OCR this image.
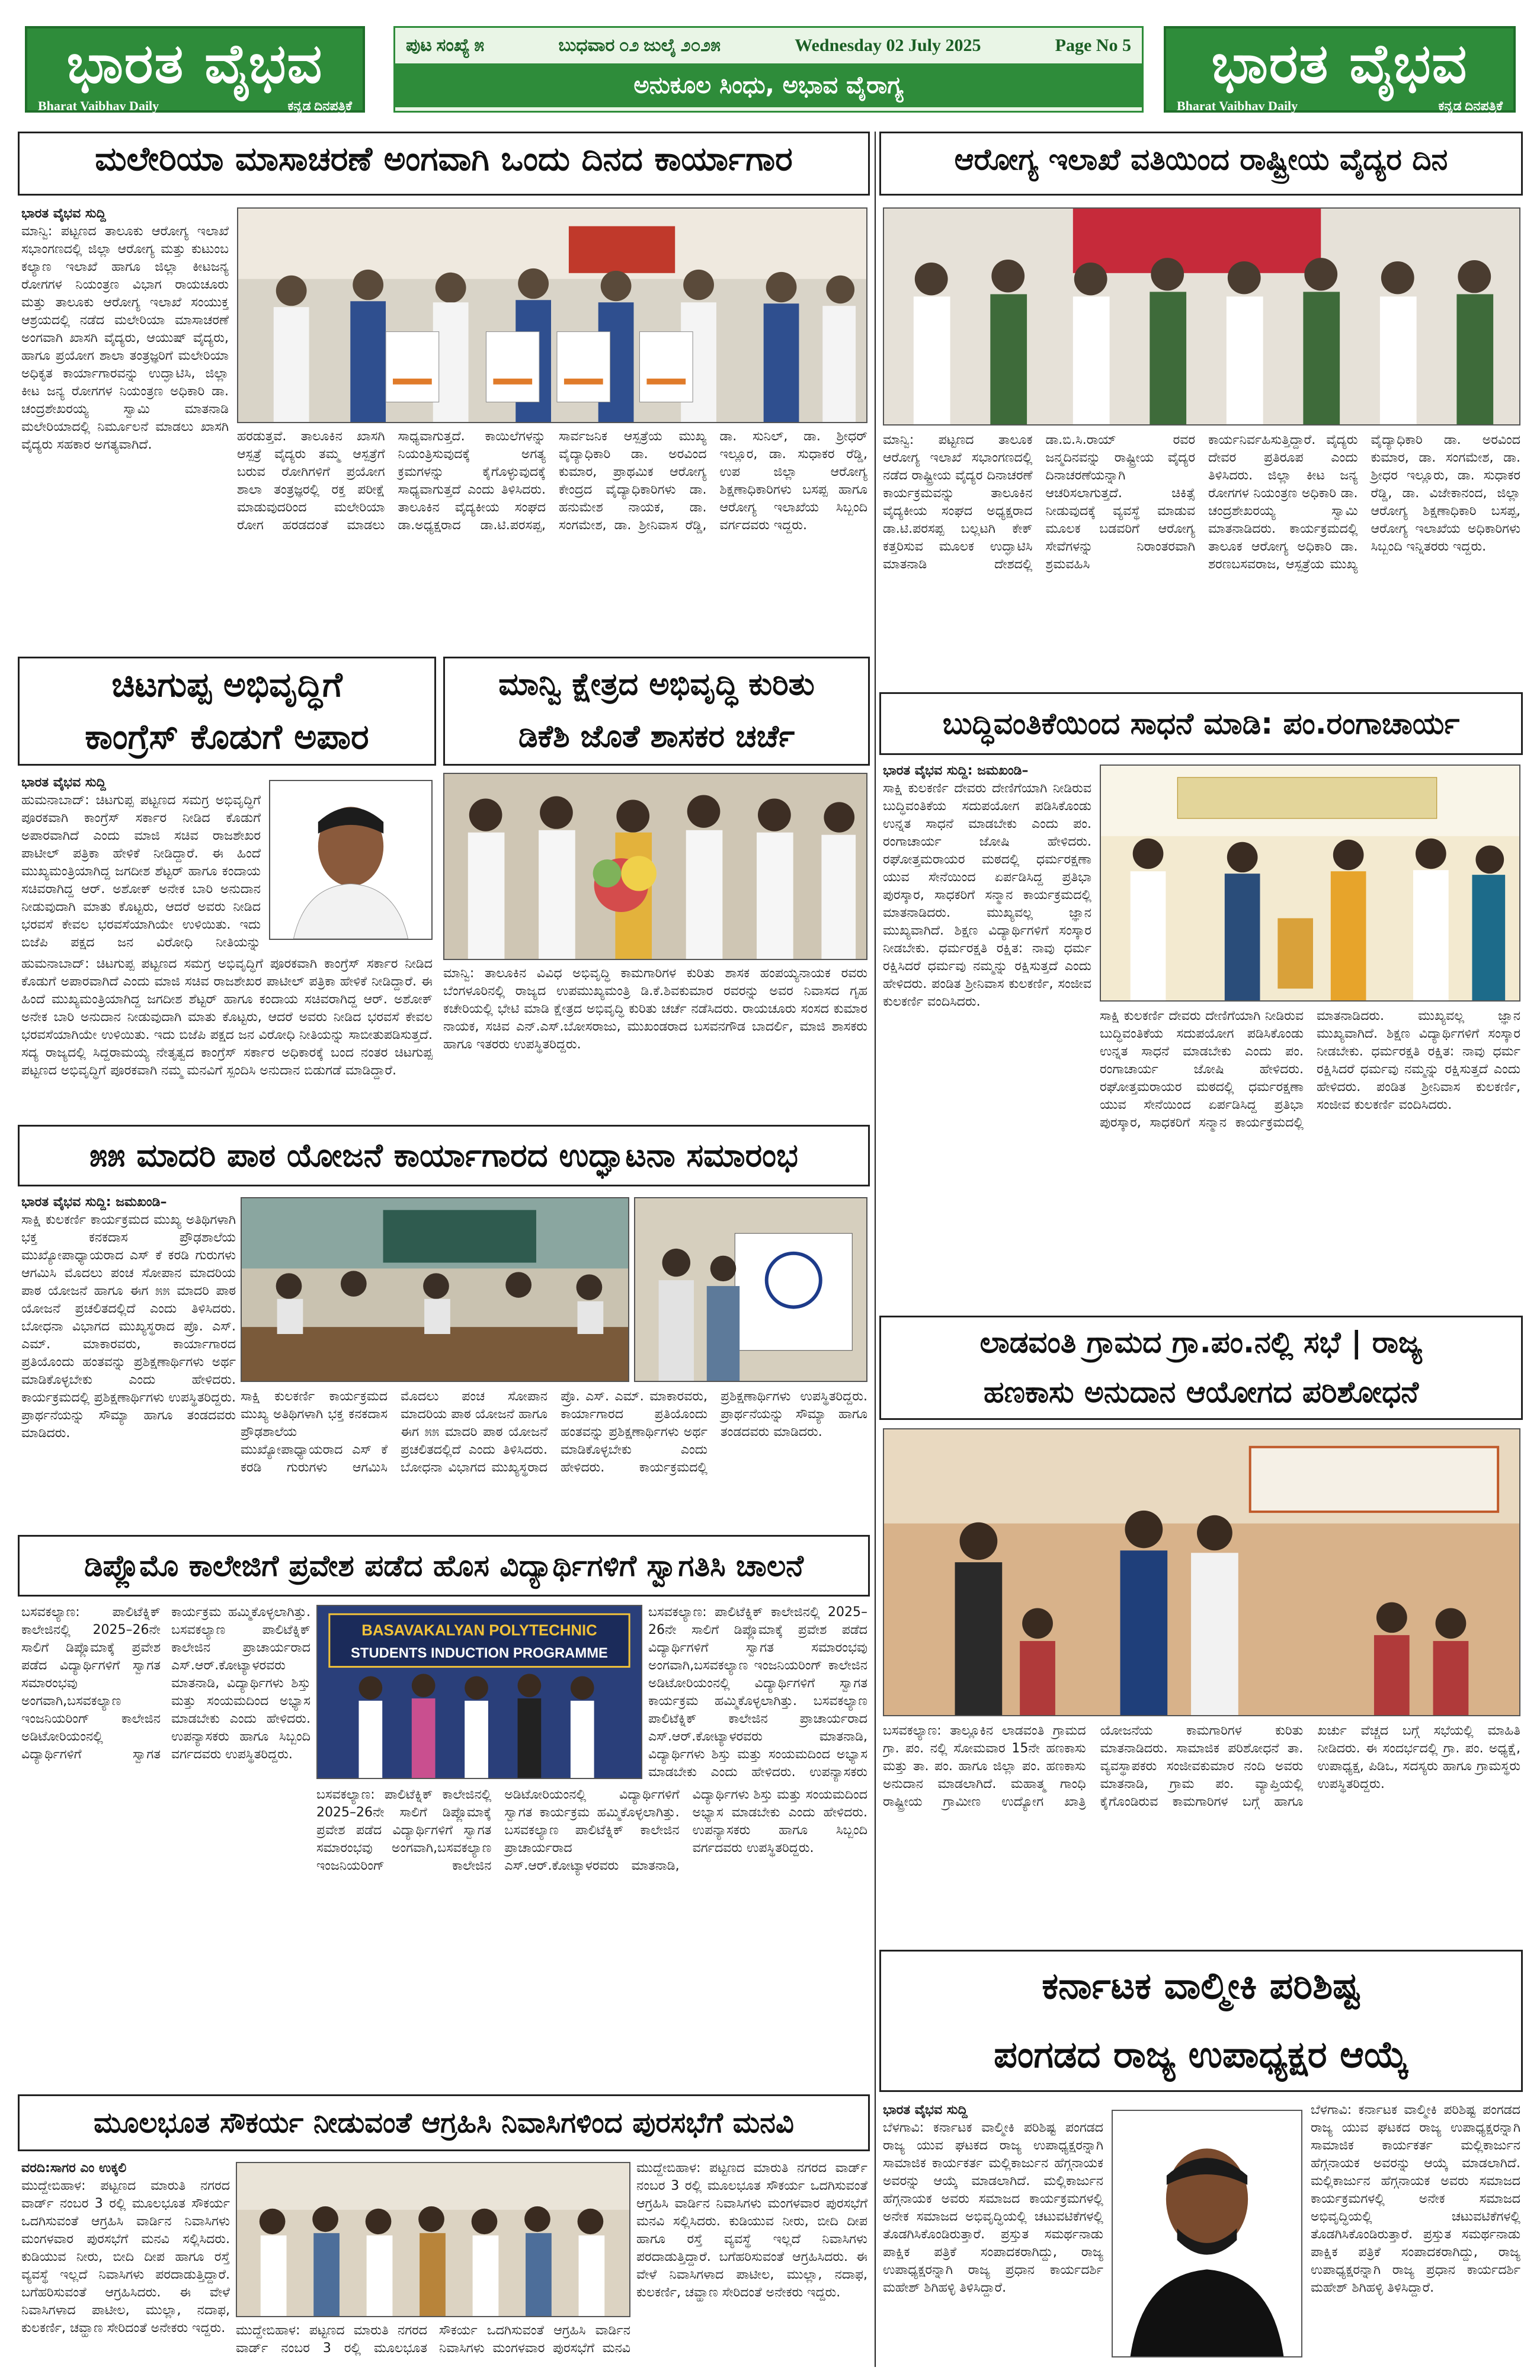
ಭಾರತ ವೈಭವ
Bharat Vaibhav Daily	ಕನ್ನಡ ದಿನಪತ್ರಿಕೆ
ಪುಟ ಸಂಖ್ಯೆ ೫	ಬುಧವಾರ ೦೨ ಜುಲೈ ೨೦೨೫	Wednesday 02 July 2025	Page No 5
ಅನುಕೂಲ ಸಿಂಧು, ಅಭಾವ ವೈರಾಗ್ಯ	ಭಾರತ ವೈಭವ
Bharat Vaibhav Daily	ಕನ್ನಡ ದಿನಪತ್ರಿಕೆ
ಮಲೇರಿಯಾ ಮಾಸಾಚರಣೆ ಅಂಗವಾಗಿ ಒಂದು ದಿನದ ಕಾರ್ಯಾಗಾರ
ಭಾರತ ವೈಭವ ಸುದ್ದಿ
ಮಾನ್ವಿ: ಪಟ್ಟಣದ ತಾಲೂಕು ಆರೋಗ್ಯ ಇಲಾಖೆ ಸಭಾಂಗಣದಲ್ಲಿ ಜಿಲ್ಲಾ ಆರೋಗ್ಯ ಮತ್ತು ಕುಟುಂಬ ಕಲ್ಯಾಣ ಇಲಾಖೆ ಹಾಗೂ ಜಿಲ್ಲಾ ಕೀಟಜನ್ಯ ರೋಗಗಳ ನಿಯಂತ್ರಣ ವಿಭಾಗ ರಾಯಚೂರು ಮತ್ತು ತಾಲೂಕು ಆರೋಗ್ಯ ಇಲಾಖೆ ಸಂಯುಕ್ತ ಆಶ್ರಯದಲ್ಲಿ ನಡೆದ ಮಲೇರಿಯಾ ಮಾಸಾಚರಣೆ ಅಂಗವಾಗಿ ಖಾಸಗಿ ವೈದ್ಯರು, ಆಯುಷ್ ವೈದ್ಯರು, ಹಾಗೂ ಪ್ರಯೋಗ ಶಾಲಾ ತಂತ್ರಜ್ಞರಿಗೆ ಮಲೇರಿಯಾ ಅಧಿಕೃತ ಕಾರ್ಯಾಗಾರವನ್ನು ಉದ್ಘಾಟಿಸಿ, ಜಿಲ್ಲಾ ಕೀಟ ಜನ್ಯ ರೋಗಗಳ ನಿಯಂತ್ರಣ ಅಧಿಕಾರಿ ಡಾ. ಚಂದ್ರಶೇಖರಯ್ಯ ಸ್ವಾಮಿ ಮಾತನಾಡಿ ಮಲೇರಿಯಾದಲ್ಲಿ ನಿರ್ಮೂಲನೆ ಮಾಡಲು ಖಾಸಗಿ ವೈದ್ಯರು ಸಹಕಾರ ಅಗತ್ಯವಾಗಿದೆ.
ಹರಡುತ್ತವೆ. ತಾಲೂಕಿನ ಖಾಸಗಿ ಆಸ್ಪತ್ರೆ ವೈದ್ಯರು ತಮ್ಮ ಆಸ್ಪತ್ರೆಗೆ ಬರುವ ರೋಗಿಗಳಿಗೆ ಪ್ರಯೋಗ ಶಾಲಾ ತಂತ್ರಜ್ಞರಲ್ಲಿ ರಕ್ತ ಪರೀಕ್ಷೆ ಮಾಡುವುದರಿಂದ ಮಲೇರಿಯಾ ರೋಗ ಹರಡದಂತೆ ಮಾಡಲು ಸಾಧ್ಯವಾಗುತ್ತದೆ. ಕಾಯಿಲೆಗಳನ್ನು ನಿಯಂತ್ರಿಸುವುದಕ್ಕೆ ಅಗತ್ಯ ಕ್ರಮಗಳನ್ನು ಕೈಗೊಳ್ಳುವುದಕ್ಕೆ ಸಾಧ್ಯವಾಗುತ್ತದೆ ಎಂದು ತಿಳಿಸಿದರು. ತಾಲೂಕಿನ ವೈದ್ಯಕೀಯ ಸಂಘದ ಡಾ.ಅಧ್ಯಕ್ಷರಾದ ಡಾ.ಟಿ.ಪರಸಪ್ಪ, ಸಾರ್ವಜನಿಕ ಆಸ್ಪತ್ರೆಯ ಮುಖ್ಯ ವೈದ್ಯಾಧಿಕಾರಿ ಡಾ. ಅರವಿಂದ ಕುಮಾರ, ಪ್ರಾಥಮಿಕ ಆರೋಗ್ಯ ಕೇಂದ್ರದ ವೈದ್ಯಾಧಿಕಾರಿಗಳು ಡಾ. ಹನುಮೇಶ ನಾಯಕ, ಡಾ. ಸಂಗಮೇಶ, ಡಾ. ಶ್ರೀನಿವಾಸ ರೆಡ್ಡಿ, ಡಾ. ಸುನಿಲ್, ಡಾ. ಶ್ರೀಧರ್ ಇಲ್ಲೂರ, ಡಾ. ಸುಧಾಕರ ರೆಡ್ಡಿ, ಉಪ ಜಿಲ್ಲಾ ಆರೋಗ್ಯ ಶಿಕ್ಷಣಾಧಿಕಾರಿಗಳು ಬಸಪ್ಪ ಹಾಗೂ ಆರೋಗ್ಯ ಇಲಾಖೆಯ ಸಿಬ್ಬಂದಿ ವರ್ಗದವರು ಇದ್ದರು.
ಆರೋಗ್ಯ ಇಲಾಖೆ ವತಿಯಿಂದ ರಾಷ್ಟ್ರೀಯ ವೈದ್ಯರ ದಿನ
ಮಾನ್ವಿ: ಪಟ್ಟಣದ ತಾಲೂಕ ಆರೋಗ್ಯ ಇಲಾಖೆ ಸಭಾಂಗಣದಲ್ಲಿ ನಡೆದ ರಾಷ್ಟ್ರೀಯ ವೈದ್ಯರ ದಿನಾಚರಣೆ ಕಾರ್ಯಕ್ರಮವನ್ನು ತಾಲೂಕಿನ ವೈದ್ಯಕೀಯ ಸಂಘದ ಅಧ್ಯಕ್ಷರಾದ ಡಾ.ಟಿ.ಪರಸಪ್ಪ ಬಲ್ಲಟಗಿ ಕೇಕ್ ಕತ್ತರಿಸುವ ಮೂಲಕ ಉದ್ಘಾಟಿಸಿ ಮಾತನಾಡಿ ದೇಶದಲ್ಲಿ ಡಾ.ಬಿ.ಸಿ.ರಾಯ್ ರವರ ಜನ್ಮದಿನವನ್ನು ರಾಷ್ಟ್ರೀಯ ವೈದ್ಯರ ದಿನಾಚರಣೆಯನ್ನಾಗಿ ಆಚರಿಸಲಾಗುತ್ತದೆ. ಚಿಕಿತ್ಸೆ ನೀಡುವುದಕ್ಕೆ ವ್ಯವಸ್ಥೆ ಮಾಡುವ ಮೂಲಕ ಬಡವರಿಗೆ ಆರೋಗ್ಯ ಸೇವೆಗಳನ್ನು ನಿರಾಂತರವಾಗಿ ಶ್ರಮವಹಿಸಿ ಕಾರ್ಯನಿರ್ವಹಿಸುತ್ತಿದ್ದಾರೆ. ವೈದ್ಯರು ದೇವರ ಪ್ರತಿರೂಪ ಎಂದು ತಿಳಿಸಿದರು. ಜಿಲ್ಲಾ ಕೀಟ ಜನ್ಯ ರೋಗಗಳ ನಿಯಂತ್ರಣ ಅಧಿಕಾರಿ ಡಾ. ಚಂದ್ರಶೇಖರಯ್ಯ ಸ್ವಾಮಿ ಮಾತನಾಡಿದರು. ಕಾರ್ಯಕ್ರಮದಲ್ಲಿ ತಾಲೂಕ ಆರೋಗ್ಯ ಅಧಿಕಾರಿ ಡಾ. ಶರಣಬಸವರಾಜ, ಆಸ್ಪತ್ರೆಯ ಮುಖ್ಯ ವೈದ್ಯಾಧಿಕಾರಿ ಡಾ. ಅರವಿಂದ ಕುಮಾರ, ಡಾ. ಸಂಗಮೇಶ, ಡಾ. ಶ್ರೀಧರ ಇಲ್ಲೂರು, ಡಾ. ಸುಧಾಕರ ರೆಡ್ಡಿ, ಡಾ. ವಿಜೇಕಾನಂದ, ಜಿಲ್ಲಾ ಆರೋಗ್ಯ ಶಿಕ್ಷಣಾಧಿಕಾರಿ ಬಸಪ್ಪ, ಆರೋಗ್ಯ ಇಲಾಖೆಯ ಅಧಿಕಾರಿಗಳು ಸಿಬ್ಬಂದಿ ಇನ್ನಿತರರು ಇದ್ದರು.
ಚಿಟಗುಪ್ಪ ಅಭಿವೃದ್ಧಿಗೆ
ಕಾಂಗ್ರೆಸ್ ಕೊಡುಗೆ ಅಪಾರ
ಭಾರತ ವೈಭವ ಸುದ್ದಿ
ಹುಮನಾಬಾದ್: ಚಿಟಗುಪ್ಪ ಪಟ್ಟಣದ ಸಮಗ್ರ ಅಭಿವೃದ್ಧಿಗೆ ಪೂರಕವಾಗಿ ಕಾಂಗ್ರೆಸ್ ಸರ್ಕಾರ ನೀಡಿದ ಕೊಡುಗೆ ಅಪಾರವಾಗಿದೆ ಎಂದು ಮಾಜಿ ಸಚಿವ ರಾಜಶೇಖರ ಪಾಟೀಲ್ ಪತ್ರಿಕಾ ಹೇಳಿಕೆ ನೀಡಿದ್ದಾರೆ. ಈ ಹಿಂದೆ ಮುಖ್ಯಮಂತ್ರಿಯಾಗಿದ್ದ ಜಗದೀಶ ಶೆಟ್ಟರ್ ಹಾಗೂ ಕಂದಾಯ ಸಚಿವರಾಗಿದ್ದ ಆರ್. ಅಶೋಕ್ ಅನೇಕ ಬಾರಿ ಅನುದಾನ ನೀಡುವುದಾಗಿ ಮಾತು ಕೊಟ್ಟರು, ಆದರೆ ಅವರು ನೀಡಿದ ಭರವಸೆ ಕೇವಲ ಭರವಸೆಯಾಗಿಯೇ ಉಳಿಯಿತು. ಇದು ಬಿಜೆಪಿ ಪಕ್ಷದ ಜನ ವಿರೋಧಿ ನೀತಿಯನ್ನು
ಹುಮನಾಬಾದ್: ಚಿಟಗುಪ್ಪ ಪಟ್ಟಣದ ಸಮಗ್ರ ಅಭಿವೃದ್ಧಿಗೆ ಪೂರಕವಾಗಿ ಕಾಂಗ್ರೆಸ್ ಸರ್ಕಾರ ನೀಡಿದ ಕೊಡುಗೆ ಅಪಾರವಾಗಿದೆ ಎಂದು ಮಾಜಿ ಸಚಿವ ರಾಜಶೇಖರ ಪಾಟೀಲ್ ಪತ್ರಿಕಾ ಹೇಳಿಕೆ ನೀಡಿದ್ದಾರೆ. ಈ ಹಿಂದೆ ಮುಖ್ಯಮಂತ್ರಿಯಾಗಿದ್ದ ಜಗದೀಶ ಶೆಟ್ಟರ್ ಹಾಗೂ ಕಂದಾಯ ಸಚಿವರಾಗಿದ್ದ ಆರ್. ಅಶೋಕ್ ಅನೇಕ ಬಾರಿ ಅನುದಾನ ನೀಡುವುದಾಗಿ ಮಾತು ಕೊಟ್ಟರು, ಆದರೆ ಅವರು ನೀಡಿದ ಭರವಸೆ ಕೇವಲ ಭರವಸೆಯಾಗಿಯೇ ಉಳಿಯಿತು. ಇದು ಬಿಜೆಪಿ ಪಕ್ಷದ ಜನ ವಿರೋಧಿ ನೀತಿಯನ್ನು ಸಾಬೀತುಪಡಿಸುತ್ತದೆ. ಸದ್ಯ ರಾಜ್ಯದಲ್ಲಿ ಸಿದ್ದರಾಮಯ್ಯ ನೇತೃತ್ವದ ಕಾಂಗ್ರೆಸ್ ಸರ್ಕಾರ ಅಧಿಕಾರಕ್ಕೆ ಬಂದ ನಂತರ ಚಿಟಗುಪ್ಪ ಪಟ್ಟಣದ ಅಭಿವೃದ್ಧಿಗೆ ಪೂರಕವಾಗಿ ನಮ್ಮ ಮನವಿಗೆ ಸ್ಪಂದಿಸಿ ಅನುದಾನ ಬಿಡುಗಡೆ ಮಾಡಿದ್ದಾರೆ.
ಮಾನ್ವಿ ಕ್ಷೇತ್ರದ ಅಭಿವೃದ್ಧಿ ಕುರಿತು
ಡಿಕೆಶಿ ಜೊತೆ ಶಾಸಕರ ಚರ್ಚೆ
ಮಾನ್ವಿ: ತಾಲೂಕಿನ ವಿವಿಧ ಅಭಿವೃದ್ಧಿ ಕಾಮಗಾರಿಗಳ ಕುರಿತು ಶಾಸಕ ಹಂಪಯ್ಯನಾಯಕ ರವರು ಬೆಂಗಳೂರಿನಲ್ಲಿ ರಾಜ್ಯದ ಉಪಮುಖ್ಯಮಂತ್ರಿ ಡಿ.ಕೆ.ಶಿವಕುಮಾರ ರವರನ್ನು ಅವರ ನಿವಾಸದ ಗೃಹ ಕಚೇರಿಯಲ್ಲಿ ಭೇಟಿ ಮಾಡಿ ಕ್ಷೇತ್ರದ ಅಭಿವೃದ್ಧಿ ಕುರಿತು ಚರ್ಚೆ ನಡೆಸಿದರು. ರಾಯಚೂರು ಸಂಸದ ಕುಮಾರ ನಾಯಕ, ಸಚಿವ ಎನ್.ಎಸ್.ಬೋಸರಾಜು, ಮುಖಂಡರಾದ ಬಸವನಗೌಡ ಬಾದರ್ಲಿ, ಮಾಜಿ ಶಾಸಕರು ಹಾಗೂ ಇತರರು ಉಪಸ್ಥಿತರಿದ್ದರು.
ಬುದ್ಧಿವಂತಿಕೆಯಿಂದ ಸಾಧನೆ ಮಾಡಿ: ಪಂ.ರಂಗಾಚಾರ್ಯ
ಭಾರತ ವೈಭವ ಸುದ್ದಿ: ಜಮಖಂಡಿ–
ಸಾಕ್ಷಿ ಕುಲಕರ್ಣಿ ದೇವರು ದೇಣಿಗೆಯಾಗಿ ನೀಡಿರುವ ಬುದ್ಧಿವಂತಿಕೆಯ ಸದುಪಯೋಗ ಪಡಿಸಿಕೊಂಡು ಉನ್ನತ ಸಾಧನೆ ಮಾಡಬೇಕು ಎಂದು ಪಂ. ರಂಗಾಚಾರ್ಯ ಜೋಷಿ ಹೇಳಿದರು. ರಘೋತ್ತಮರಾಯರ ಮಠದಲ್ಲಿ ಧರ್ಮರಕ್ಷಣಾ ಯುವ ಸೇನೆಯಿಂದ ಏರ್ಪಡಿಸಿದ್ದ ಪ್ರತಿಭಾ ಪುರಸ್ಕಾರ, ಸಾಧಕರಿಗೆ ಸನ್ಮಾನ ಕಾರ್ಯಕ್ರಮದಲ್ಲಿ ಮಾತನಾಡಿದರು. ಮುಖ್ಯವಲ್ಲ ಜ್ಞಾನ ಮುಖ್ಯವಾಗಿದೆ. ಶಿಕ್ಷಣ ವಿದ್ಯಾರ್ಥಿಗಳಿಗೆ ಸಂಸ್ಕಾರ ನೀಡಬೇಕು. ಧರ್ಮರಕ್ಷತಿ ರಕ್ಷಿತ: ನಾವು ಧರ್ಮ ರಕ್ಷಿಸಿದರೆ ಧರ್ಮವು ನಮ್ಮನ್ನು ರಕ್ಷಿಸುತ್ತದೆ ಎಂದು ಹೇಳಿದರು. ಪಂಡಿತ ಶ್ರೀನಿವಾಸ ಕುಲಕರ್ಣಿ, ಸಂಜೀವ ಕುಲಕರ್ಣಿ ವಂದಿಸಿದರು.
ಸಾಕ್ಷಿ ಕುಲಕರ್ಣಿ ದೇವರು ದೇಣಿಗೆಯಾಗಿ ನೀಡಿರುವ ಬುದ್ಧಿವಂತಿಕೆಯ ಸದುಪಯೋಗ ಪಡಿಸಿಕೊಂಡು ಉನ್ನತ ಸಾಧನೆ ಮಾಡಬೇಕು ಎಂದು ಪಂ. ರಂಗಾಚಾರ್ಯ ಜೋಷಿ ಹೇಳಿದರು. ರಘೋತ್ತಮರಾಯರ ಮಠದಲ್ಲಿ ಧರ್ಮರಕ್ಷಣಾ ಯುವ ಸೇನೆಯಿಂದ ಏರ್ಪಡಿಸಿದ್ದ ಪ್ರತಿಭಾ ಪುರಸ್ಕಾರ, ಸಾಧಕರಿಗೆ ಸನ್ಮಾನ ಕಾರ್ಯಕ್ರಮದಲ್ಲಿ ಮಾತನಾಡಿದರು. ಮುಖ್ಯವಲ್ಲ ಜ್ಞಾನ ಮುಖ್ಯವಾಗಿದೆ. ಶಿಕ್ಷಣ ವಿದ್ಯಾರ್ಥಿಗಳಿಗೆ ಸಂಸ್ಕಾರ ನೀಡಬೇಕು. ಧರ್ಮರಕ್ಷತಿ ರಕ್ಷಿತ: ನಾವು ಧರ್ಮ ರಕ್ಷಿಸಿದರೆ ಧರ್ಮವು ನಮ್ಮನ್ನು ರಕ್ಷಿಸುತ್ತದೆ ಎಂದು ಹೇಳಿದರು. ಪಂಡಿತ ಶ್ರೀನಿವಾಸ ಕುಲಕರ್ಣಿ, ಸಂಜೀವ ಕುಲಕರ್ಣಿ ವಂದಿಸಿದರು.
೫೫ ಮಾದರಿ ಪಾಠ ಯೋಜನೆ ಕಾರ್ಯಾಗಾರದ ಉದ್ಘಾಟನಾ ಸಮಾರಂಭ
ಭಾರತ ವೈಭವ ಸುದ್ದಿ: ಜಮಖಂಡಿ–
ಸಾಕ್ಷಿ ಕುಲಕರ್ಣಿ ಕಾರ್ಯಕ್ರಮದ ಮುಖ್ಯ ಅತಿಥಿಗಳಾಗಿ ಭಕ್ತ ಕನಕದಾಸ ಪ್ರೌಢಶಾಲೆಯ ಮುಖ್ಯೋಪಾಧ್ಯಾಯರಾದ ಎಸ್ ಕೆ ಕರಡಿ ಗುರುಗಳು ಆಗಮಿಸಿ ಮೊದಲು ಪಂಚ ಸೋಪಾನ ಮಾದರಿಯ ಪಾಠ ಯೋಜನೆ ಹಾಗೂ ಈಗ ೫೫ ಮಾದರಿ ಪಾಠ ಯೋಜನೆ ಪ್ರಚಲಿತದಲ್ಲಿದೆ ಎಂದು ತಿಳಿಸಿದರು. ಬೋಧನಾ ವಿಭಾಗದ ಮುಖ್ಯಸ್ಥರಾದ ಪ್ರೊ. ಎಸ್. ಎಮ್. ಮಾಕಾರವರು, ಕಾರ್ಯಾಗಾರದ ಪ್ರತಿಯೊಂದು ಹಂತವನ್ನು ಪ್ರಶಿಕ್ಷಣಾರ್ಥಿಗಳು ಅರ್ಥ ಮಾಡಿಕೊಳ್ಳಬೇಕು ಎಂದು ಹೇಳಿದರು. ಕಾರ್ಯಕ್ರಮದಲ್ಲಿ ಪ್ರಶಿಕ್ಷಣಾರ್ಥಿಗಳು ಉಪಸ್ಥಿತರಿದ್ದರು. ಪ್ರಾರ್ಥನೆಯನ್ನು ಸೌಮ್ಯಾ ಹಾಗೂ ತಂಡದವರು ಮಾಡಿದರು.
ಸಾಕ್ಷಿ ಕುಲಕರ್ಣಿ ಕಾರ್ಯಕ್ರಮದ ಮುಖ್ಯ ಅತಿಥಿಗಳಾಗಿ ಭಕ್ತ ಕನಕದಾಸ ಪ್ರೌಢಶಾಲೆಯ ಮುಖ್ಯೋಪಾಧ್ಯಾಯರಾದ ಎಸ್ ಕೆ ಕರಡಿ ಗುರುಗಳು ಆಗಮಿಸಿ ಮೊದಲು ಪಂಚ ಸೋಪಾನ ಮಾದರಿಯ ಪಾಠ ಯೋಜನೆ ಹಾಗೂ ಈಗ ೫೫ ಮಾದರಿ ಪಾಠ ಯೋಜನೆ ಪ್ರಚಲಿತದಲ್ಲಿದೆ ಎಂದು ತಿಳಿಸಿದರು. ಬೋಧನಾ ವಿಭಾಗದ ಮುಖ್ಯಸ್ಥರಾದ ಪ್ರೊ. ಎಸ್. ಎಮ್. ಮಾಕಾರವರು, ಕಾರ್ಯಾಗಾರದ ಪ್ರತಿಯೊಂದು ಹಂತವನ್ನು ಪ್ರಶಿಕ್ಷಣಾರ್ಥಿಗಳು ಅರ್ಥ ಮಾಡಿಕೊಳ್ಳಬೇಕು ಎಂದು ಹೇಳಿದರು. ಕಾರ್ಯಕ್ರಮದಲ್ಲಿ ಪ್ರಶಿಕ್ಷಣಾರ್ಥಿಗಳು ಉಪಸ್ಥಿತರಿದ್ದರು. ಪ್ರಾರ್ಥನೆಯನ್ನು ಸೌಮ್ಯಾ ಹಾಗೂ ತಂಡದವರು ಮಾಡಿದರು.
ಲಾಡವಂತಿ ಗ್ರಾಮದ ಗ್ರಾ.ಪಂ.ನಲ್ಲಿ ಸಭೆ | ರಾಜ್ಯ
ಹಣಕಾಸು ಅನುದಾನ ಆಯೋಗದ ಪರಿಶೋಧನೆ
ಬಸವಕಲ್ಯಾಣ: ತಾಲ್ಲೂಕಿನ ಲಾಡವಂತಿ ಗ್ರಾಮದ ಗ್ರಾ. ಪಂ. ನಲ್ಲಿ ಸೋಮವಾರ 15ನೇ ಹಣಕಾಸು ಮತ್ತು ತಾ. ಪಂ. ಹಾಗೂ ಜಿಲ್ಲಾ ಪಂ. ಹಣಕಾಸು ಅನುದಾನ ಮಾಡಲಾಗಿದೆ. ಮಹಾತ್ಮ ಗಾಂಧಿ ರಾಷ್ಟ್ರೀಯ ಗ್ರಾಮೀಣ ಉದ್ಯೋಗ ಖಾತ್ರಿ ಯೋಜನೆಯ ಕಾಮಗಾರಿಗಳ ಕುರಿತು ಮಾತನಾಡಿದರು. ಸಾಮಾಜಿಕ ಪರಿಶೋಧನೆ ತಾ. ವ್ಯವಸ್ಥಾಪಕರು ಸಂಜೀವಕುಮಾರ ನಂದಿ ಅವರು ಮಾತನಾಡಿ, ಗ್ರಾಮ ಪಂ. ವ್ಯಾಪ್ತಿಯಲ್ಲಿ ಕೈಗೊಂಡಿರುವ ಕಾಮಗಾರಿಗಳ ಬಗ್ಗೆ ಹಾಗೂ ಖರ್ಚು ವೆಚ್ಚದ ಬಗ್ಗೆ ಸಭೆಯಲ್ಲಿ ಮಾಹಿತಿ ನೀಡಿದರು. ಈ ಸಂದರ್ಭದಲ್ಲಿ ಗ್ರಾ. ಪಂ. ಅಧ್ಯಕ್ಷೆ, ಉಪಾಧ್ಯಕ್ಷ, ಪಿಡಿಒ, ಸದಸ್ಯರು ಹಾಗೂ ಗ್ರಾಮಸ್ಥರು ಉಪಸ್ಥಿತರಿದ್ದರು.
ಡಿಪ್ಲೊಮೊ ಕಾಲೇಜಿಗೆ ಪ್ರವೇಶ ಪಡೆದ ಹೊಸ ವಿದ್ಯಾರ್ಥಿಗಳಿಗೆ ಸ್ವಾಗತಿಸಿ ಚಾಲನೆ
BASAVAKALYAN POLYTECHNIC
STUDENTS INDUCTION PROGRAMME
ಬಸವಕಲ್ಯಾಣ: ಪಾಲಿಟೆಕ್ನಿಕ್ ಕಾಲೇಜಿನಲ್ಲಿ 2025–26ನೇ ಸಾಲಿಗೆ ಡಿಪ್ಲೊಮಾಕ್ಕೆ ಪ್ರವೇಶ ಪಡೆದ ವಿದ್ಯಾರ್ಥಿಗಳಿಗೆ ಸ್ವಾಗತ ಸಮಾರಂಭವು ಅಂಗವಾಗಿ,ಬಸವಕಲ್ಯಾಣ ಇಂಜನಿಯರಿಂಗ್ ಕಾಲೇಜಿನ ಅಡಿಟೋರಿಯಂನಲ್ಲಿ ವಿದ್ಯಾರ್ಥಿಗಳಿಗೆ ಸ್ವಾಗತ ಕಾರ್ಯಕ್ರಮ ಹಮ್ಮಿಕೊಳ್ಳಲಾಗಿತ್ತು. ಬಸವಕಲ್ಯಾಣ ಪಾಲಿಟೆಕ್ನಿಕ್ ಕಾಲೇಜಿನ ಪ್ರಾಚಾರ್ಯರಾದ ಎಸ್.ಆರ್.ಕೋಟ್ಯಾಳರವರು ಮಾತನಾಡಿ, ವಿದ್ಯಾರ್ಥಿಗಳು ಶಿಸ್ತು ಮತ್ತು ಸಂಯಮದಿಂದ ಅಭ್ಯಾಸ ಮಾಡಬೇಕು ಎಂದು ಹೇಳಿದರು. ಉಪನ್ಯಾಸಕರು ಹಾಗೂ ಸಿಬ್ಬಂದಿ ವರ್ಗದವರು ಉಪಸ್ಥಿತರಿದ್ದರು.
ಬಸವಕಲ್ಯಾಣ: ಪಾಲಿಟೆಕ್ನಿಕ್ ಕಾಲೇಜಿನಲ್ಲಿ 2025–26ನೇ ಸಾಲಿಗೆ ಡಿಪ್ಲೊಮಾಕ್ಕೆ ಪ್ರವೇಶ ಪಡೆದ ವಿದ್ಯಾರ್ಥಿಗಳಿಗೆ ಸ್ವಾಗತ ಸಮಾರಂಭವು ಅಂಗವಾಗಿ,ಬಸವಕಲ್ಯಾಣ ಇಂಜನಿಯರಿಂಗ್ ಕಾಲೇಜಿನ ಅಡಿಟೋರಿಯಂನಲ್ಲಿ ವಿದ್ಯಾರ್ಥಿಗಳಿಗೆ ಸ್ವಾಗತ ಕಾರ್ಯಕ್ರಮ ಹಮ್ಮಿಕೊಳ್ಳಲಾಗಿತ್ತು. ಬಸವಕಲ್ಯಾಣ ಪಾಲಿಟೆಕ್ನಿಕ್ ಕಾಲೇಜಿನ ಪ್ರಾಚಾರ್ಯರಾದ ಎಸ್.ಆರ್.ಕೋಟ್ಯಾಳರವರು ಮಾತನಾಡಿ, ವಿದ್ಯಾರ್ಥಿಗಳು ಶಿಸ್ತು ಮತ್ತು ಸಂಯಮದಿಂದ ಅಭ್ಯಾಸ ಮಾಡಬೇಕು ಎಂದು ಹೇಳಿದರು. ಉಪನ್ಯಾಸಕರು
ಬಸವಕಲ್ಯಾಣ: ಪಾಲಿಟೆಕ್ನಿಕ್ ಕಾಲೇಜಿನಲ್ಲಿ 2025–26ನೇ ಸಾಲಿಗೆ ಡಿಪ್ಲೊಮಾಕ್ಕೆ ಪ್ರವೇಶ ಪಡೆದ ವಿದ್ಯಾರ್ಥಿಗಳಿಗೆ ಸ್ವಾಗತ ಸಮಾರಂಭವು ಅಂಗವಾಗಿ,ಬಸವಕಲ್ಯಾಣ ಇಂಜನಿಯರಿಂಗ್ ಕಾಲೇಜಿನ ಅಡಿಟೋರಿಯಂನಲ್ಲಿ ವಿದ್ಯಾರ್ಥಿಗಳಿಗೆ ಸ್ವಾಗತ ಕಾರ್ಯಕ್ರಮ ಹಮ್ಮಿಕೊಳ್ಳಲಾಗಿತ್ತು. ಬಸವಕಲ್ಯಾಣ ಪಾಲಿಟೆಕ್ನಿಕ್ ಕಾಲೇಜಿನ ಪ್ರಾಚಾರ್ಯರಾದ ಎಸ್.ಆರ್.ಕೋಟ್ಯಾಳರವರು ಮಾತನಾಡಿ, ವಿದ್ಯಾರ್ಥಿಗಳು ಶಿಸ್ತು ಮತ್ತು ಸಂಯಮದಿಂದ ಅಭ್ಯಾಸ ಮಾಡಬೇಕು ಎಂದು ಹೇಳಿದರು. ಉಪನ್ಯಾಸಕರು ಹಾಗೂ ಸಿಬ್ಬಂದಿ ವರ್ಗದವರು ಉಪಸ್ಥಿತರಿದ್ದರು.
ಕರ್ನಾಟಕ ವಾಲ್ಮೀಕಿ ಪರಿಶಿಷ್ಟ
ಪಂಗಡದ ರಾಜ್ಯ ಉಪಾಧ್ಯಕ್ಷರ ಆಯ್ಕೆ
ಭಾರತ ವೈಭವ ಸುದ್ದಿ
ಬೆಳಗಾವಿ: ಕರ್ನಾಟಕ ವಾಲ್ಮೀಕಿ ಪರಿಶಿಷ್ಟ ಪಂಗಡದ ರಾಜ್ಯ ಯುವ ಘಟಕದ ರಾಜ್ಯ ಉಪಾಧ್ಯಕ್ಷರನ್ನಾಗಿ ಸಾಮಾಜಿಕ ಕಾರ್ಯಕರ್ತ ಮಲ್ಲಿಕಾರ್ಜುನ ಹೆಗ್ಗನಾಯಕ ಅವರನ್ನು ಆಯ್ಕೆ ಮಾಡಲಾಗಿದೆ. ಮಲ್ಲಿಕಾರ್ಜುನ ಹೆಗ್ಗನಾಯಕ ಅವರು ಸಮಾಜದ ಕಾರ್ಯಕ್ರಮಗಳಲ್ಲಿ ಅನೇಕ ಸಮಾಜದ ಅಭಿವೃದ್ಧಿಯಲ್ಲಿ ಚಟುವಟಿಕೆಗಳಲ್ಲಿ ತೊಡಗಿಸಿಕೊಂಡಿರುತ್ತಾರೆ. ಪ್ರಸ್ತುತ ಸಮರ್ಥನಾಡು ಪಾಕ್ಷಿಕ ಪತ್ರಿಕೆ ಸಂಪಾದಕರಾಗಿದ್ದು, ರಾಜ್ಯ ಉಪಾಧ್ಯಕ್ಷರನ್ನಾಗಿ ರಾಜ್ಯ ಪ್ರಧಾನ ಕಾರ್ಯದರ್ಶಿ ಮಹೇಶ್ ಶಿಗಿಹಳ್ಳಿ ತಿಳಿಸಿದ್ದಾರೆ.
ಬೆಳಗಾವಿ: ಕರ್ನಾಟಕ ವಾಲ್ಮೀಕಿ ಪರಿಶಿಷ್ಟ ಪಂಗಡದ ರಾಜ್ಯ ಯುವ ಘಟಕದ ರಾಜ್ಯ ಉಪಾಧ್ಯಕ್ಷರನ್ನಾಗಿ ಸಾಮಾಜಿಕ ಕಾರ್ಯಕರ್ತ ಮಲ್ಲಿಕಾರ್ಜುನ ಹೆಗ್ಗನಾಯಕ ಅವರನ್ನು ಆಯ್ಕೆ ಮಾಡಲಾಗಿದೆ. ಮಲ್ಲಿಕಾರ್ಜುನ ಹೆಗ್ಗನಾಯಕ ಅವರು ಸಮಾಜದ ಕಾರ್ಯಕ್ರಮಗಳಲ್ಲಿ ಅನೇಕ ಸಮಾಜದ ಅಭಿವೃದ್ಧಿಯಲ್ಲಿ ಚಟುವಟಿಕೆಗಳಲ್ಲಿ ತೊಡಗಿಸಿಕೊಂಡಿರುತ್ತಾರೆ. ಪ್ರಸ್ತುತ ಸಮರ್ಥನಾಡು ಪಾಕ್ಷಿಕ ಪತ್ರಿಕೆ ಸಂಪಾದಕರಾಗಿದ್ದು, ರಾಜ್ಯ ಉಪಾಧ್ಯಕ್ಷರನ್ನಾಗಿ ರಾಜ್ಯ ಪ್ರಧಾನ ಕಾರ್ಯದರ್ಶಿ ಮಹೇಶ್ ಶಿಗಿಹಳ್ಳಿ ತಿಳಿಸಿದ್ದಾರೆ.
ಮೂಲಭೂತ ಸೌಕರ್ಯ ನೀಡುವಂತೆ ಆಗ್ರಹಿಸಿ ನಿವಾಸಿಗಳಿಂದ ಪುರಸಭೆಗೆ ಮನವಿ
ವರದಿ:ಸಾಗರ ಎಂ ಉಕ್ಕಲಿ
ಮುದ್ದೇಬಿಹಾಳ: ಪಟ್ಟಣದ ಮಾರುತಿ ನಗರದ ವಾರ್ಡ್ ನಂಬರ 3 ರಲ್ಲಿ ಮೂಲಭೂತ ಸೌಕರ್ಯ ಒದಗಿಸುವಂತೆ ಆಗ್ರಹಿಸಿ ವಾರ್ಡಿನ ನಿವಾಸಿಗಳು ಮಂಗಳವಾರ ಪುರಸಭೆಗೆ ಮನವಿ ಸಲ್ಲಿಸಿದರು. ಕುಡಿಯುವ ನೀರು, ಬೀದಿ ದೀಪ ಹಾಗೂ ರಸ್ತೆ ವ್ಯವಸ್ಥೆ ಇಲ್ಲದೆ ನಿವಾಸಿಗಳು ಪರದಾಡುತ್ತಿದ್ದಾರೆ. ಬಗೆಹರಿಸುವಂತೆ ಆಗ್ರಹಿಸಿದರು. ಈ ವೇಳೆ ನಿವಾಸಿಗಳಾದ ಪಾಟೀಲ, ಮುಲ್ಲಾ, ನದಾಫ, ಕುಲಕರ್ಣಿ, ಚವ್ಹಾಣ ಸೇರಿದಂತೆ ಅನೇಕರು ಇದ್ದರು.
ಮುದ್ದೇಬಿಹಾಳ: ಪಟ್ಟಣದ ಮಾರುತಿ ನಗರದ ವಾರ್ಡ್ ನಂಬರ 3 ರಲ್ಲಿ ಮೂಲಭೂತ ಸೌಕರ್ಯ ಒದಗಿಸುವಂತೆ ಆಗ್ರಹಿಸಿ ವಾರ್ಡಿನ ನಿವಾಸಿಗಳು ಮಂಗಳವಾರ ಪುರಸಭೆಗೆ ಮನವಿ ಸಲ್ಲಿಸಿದರು. ಕುಡಿಯುವ ನೀರು, ಬೀದಿ ದೀಪ ಹಾಗೂ ರಸ್ತೆ ವ್ಯವಸ್ಥೆ ಇಲ್ಲದೆ ನಿವಾಸಿಗಳು ಪರದಾಡುತ್ತಿದ್ದಾರೆ. ಬಗೆಹರಿಸುವಂತೆ ಆಗ್ರಹಿಸಿದರು. ಈ ವೇಳೆ ನಿವಾಸಿಗಳಾದ ಪಾಟೀಲ, ಮುಲ್ಲಾ, ನದಾಫ, ಕುಲಕರ್ಣಿ, ಚವ್ಹಾಣ ಸೇರಿದಂತೆ ಅನೇಕರು ಇದ್ದರು.
ಮುದ್ದೇಬಿಹಾಳ: ಪಟ್ಟಣದ ಮಾರುತಿ ನಗರದ ವಾರ್ಡ್ ನಂಬರ 3 ರಲ್ಲಿ ಮೂಲಭೂತ ಸೌಕರ್ಯ ಒದಗಿಸುವಂತೆ ಆಗ್ರಹಿಸಿ ವಾರ್ಡಿನ ನಿವಾಸಿಗಳು ಮಂಗಳವಾರ ಪುರಸಭೆಗೆ ಮನವಿ
